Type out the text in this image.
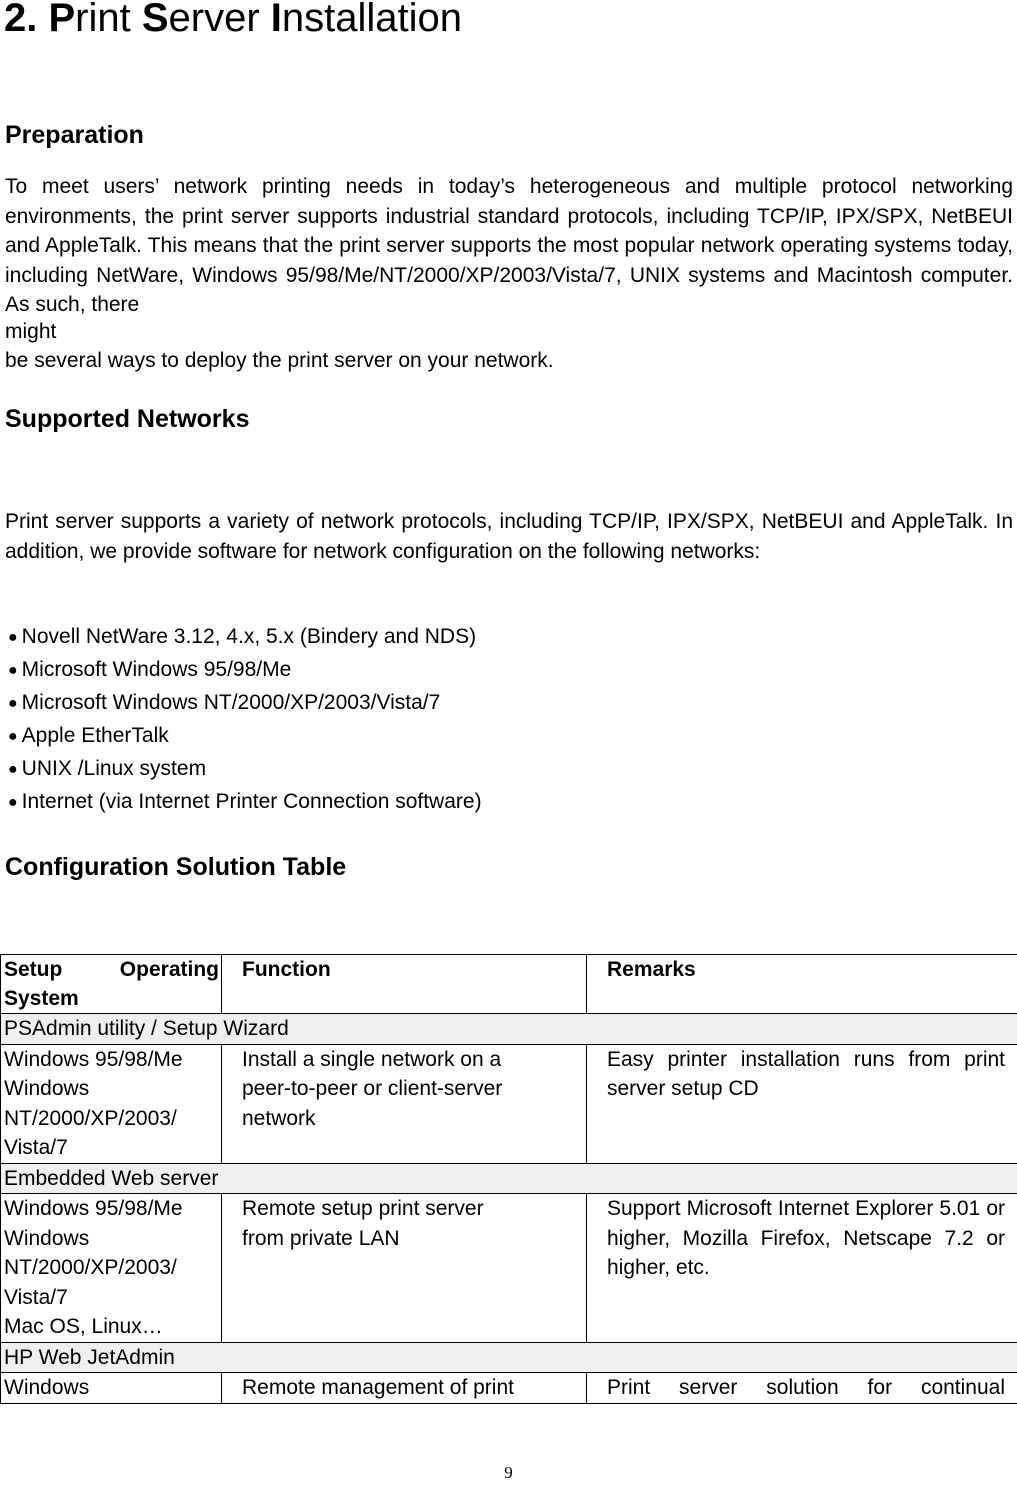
2. Print Server Installation
Preparation
To meet users’ network printing needs in today’s heterogeneous and multiple protocol networking environments, the print server supports industrial standard protocols, including TCP/IP, IPX/SPX, NetBEUI and AppleTalk. This means that the print server supports the most popular network operating systems today, including NetWare, Windows 95/98/Me/NT/2000/XP/2003/Vista/7, UNIX systems and Macintosh computer. As such, there
might
be several ways to deploy the print server on your network.
Supported Networks
Print server supports a variety of network protocols, including TCP/IP, IPX/SPX, NetBEUI and AppleTalk. In addition, we provide software for network configuration on the following networks:
● Novell NetWare 3.12, 4.x, 5.x (Bindery and NDS)
● Microsoft Windows 95/98/Me
● Microsoft Windows NT/2000/XP/2003/Vista/7
● Apple EtherTalk
● UNIX /Linux system
● Internet (via Internet Printer Connection software)
Configuration Solution Table
Setup Operating System	Function	Remarks
PSAdmin utility / Setup Wizard		
Windows 95/98/Me
Windows
NT/2000/XP/2003/
Vista/7	Install a single network on a
peer-to-peer or client-server
network	Easy printer installation runs from print server setup CD
Embedded Web server		
Windows 95/98/Me
Windows
NT/2000/XP/2003/
Vista/7
Mac OS, Linux…	Remote setup print server
from private LAN	Support Microsoft Internet Explorer 5.01 or higher, Mozilla Firefox, Netscape 7.2 or higher, etc.
HP Web JetAdmin		
Windows	Remote management of print	Print server solution for continual
9
